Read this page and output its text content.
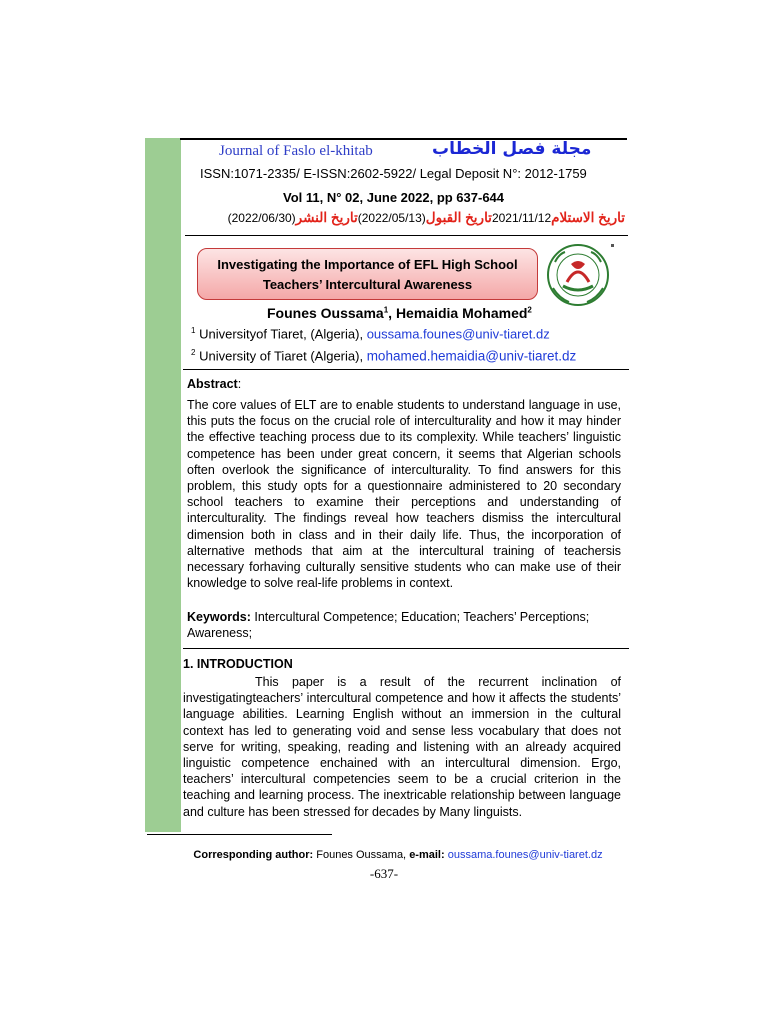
Journal of Faslo el-khitab	مجلة فصل الخطاب
ISSN:1071-2335/ E-ISSN:2602-5922/ Legal Deposit N°: 2012-1759
Vol 11, N° 02, June 2022, pp 637-644
تاريخ الاستلام2021/11/12تاريخ القبول(2022/05/13)تاريخ النشر(2022/06/30)
Investigating the Importance of EFL High School
Teachers’ Intercultural Awareness
Founes Oussama$^1$, Hemaidia Mohamed$^2$
$^1$ Universityof Tiaret, (Algeria), oussama.founes@univ-tiaret.dz
$^2$ University of Tiaret (Algeria), mohamed.hemaidia@univ-tiaret.dz
Abstract:
The core values of ELT are to enable students to understand language in use, this puts the focus on the crucial role of interculturality and how it may hinder the effective teaching process due to its complexity. While teachers’ linguistic competence has been under great concern, it seems that Algerian schools often overlook the significance of interculturality. To find answers for this problem, this study opts for a questionnaire administered to 20 secondary school teachers to examine their perceptions and understanding of interculturality. The findings reveal how teachers dismiss the intercultural dimension both in class and in their daily life. Thus, the incorporation of alternative methods that aim at the intercultural training of teachersis necessary forhaving culturally sensitive students who can make use of their knowledge to solve real-life problems in context.
Keywords: Intercultural Competence; Education; Teachers’ Perceptions; Awareness;
1. INTRODUCTION
This paper is a result of the recurrent inclination of investigatingteachers’ intercultural competence and how it affects the students’ language abilities. Learning English without an immersion in the cultural context has led to generating void and sense less vocabulary that does not serve for writing, speaking, reading and listening with an already acquired linguistic competence enchained with an intercultural dimension. Ergo, teachers’ intercultural competencies seem to be a crucial criterion in the teaching and learning process. The inextricable relationship between language and culture has been stressed for decades by Many linguists.
Corresponding author: Founes Oussama, e-mail: oussama.founes@univ-tiaret.dz
-637-
